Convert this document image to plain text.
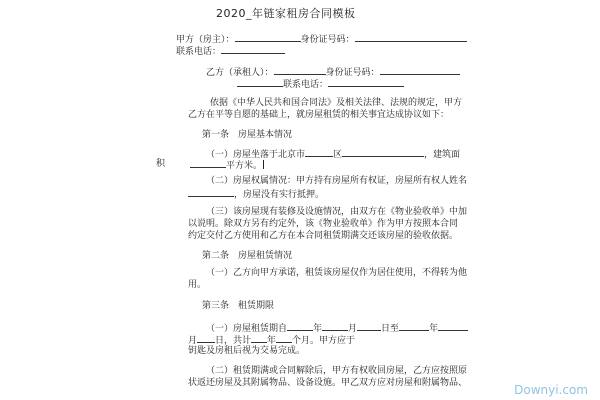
2020_年链家租房合同模板
甲方（房主）：	身份证号码：
联系电话：
乙方（承租人）：	身份证号码：
联系电话：
依据《中华人民共和国合同法》及相关法律、法规的规定，甲方
乙方在平等自愿的基础上，就房屋租赁的相关事宜达成协议如下：
第一条　房屋基本情况
（一）房屋坐落于北京市	区	，建筑面
积	平方米。
（二）房屋权属情况：甲方持有房屋所有权证，房屋所有权人姓名
，房屋没有实行抵押。
（三）该房屋现有装修及设施情况，由双方在《物业验收单》中加
以说明。除双方另有约定外，该《物业验收单》作为甲方按照本合同
约定交付乙方使用和乙方在本合同租赁期满交还该房屋的验收依据。
第二条　房屋租赁情况
（一）乙方向甲方承诺，租赁该房屋仅作为居住使用，不得转为他
用。
第三条　租赁期限
（一）房屋租赁期自	年	月	日至	年
月 日，共计 年 个月。甲方应于
钥匙及房租后视为交易完成。
（二）租赁期满或合同解除后，甲方有权收回房屋，乙方应按照原
状返还房屋及其附属物品、设备设施。甲乙双方应对房屋和附属物品、	Downyi.com
